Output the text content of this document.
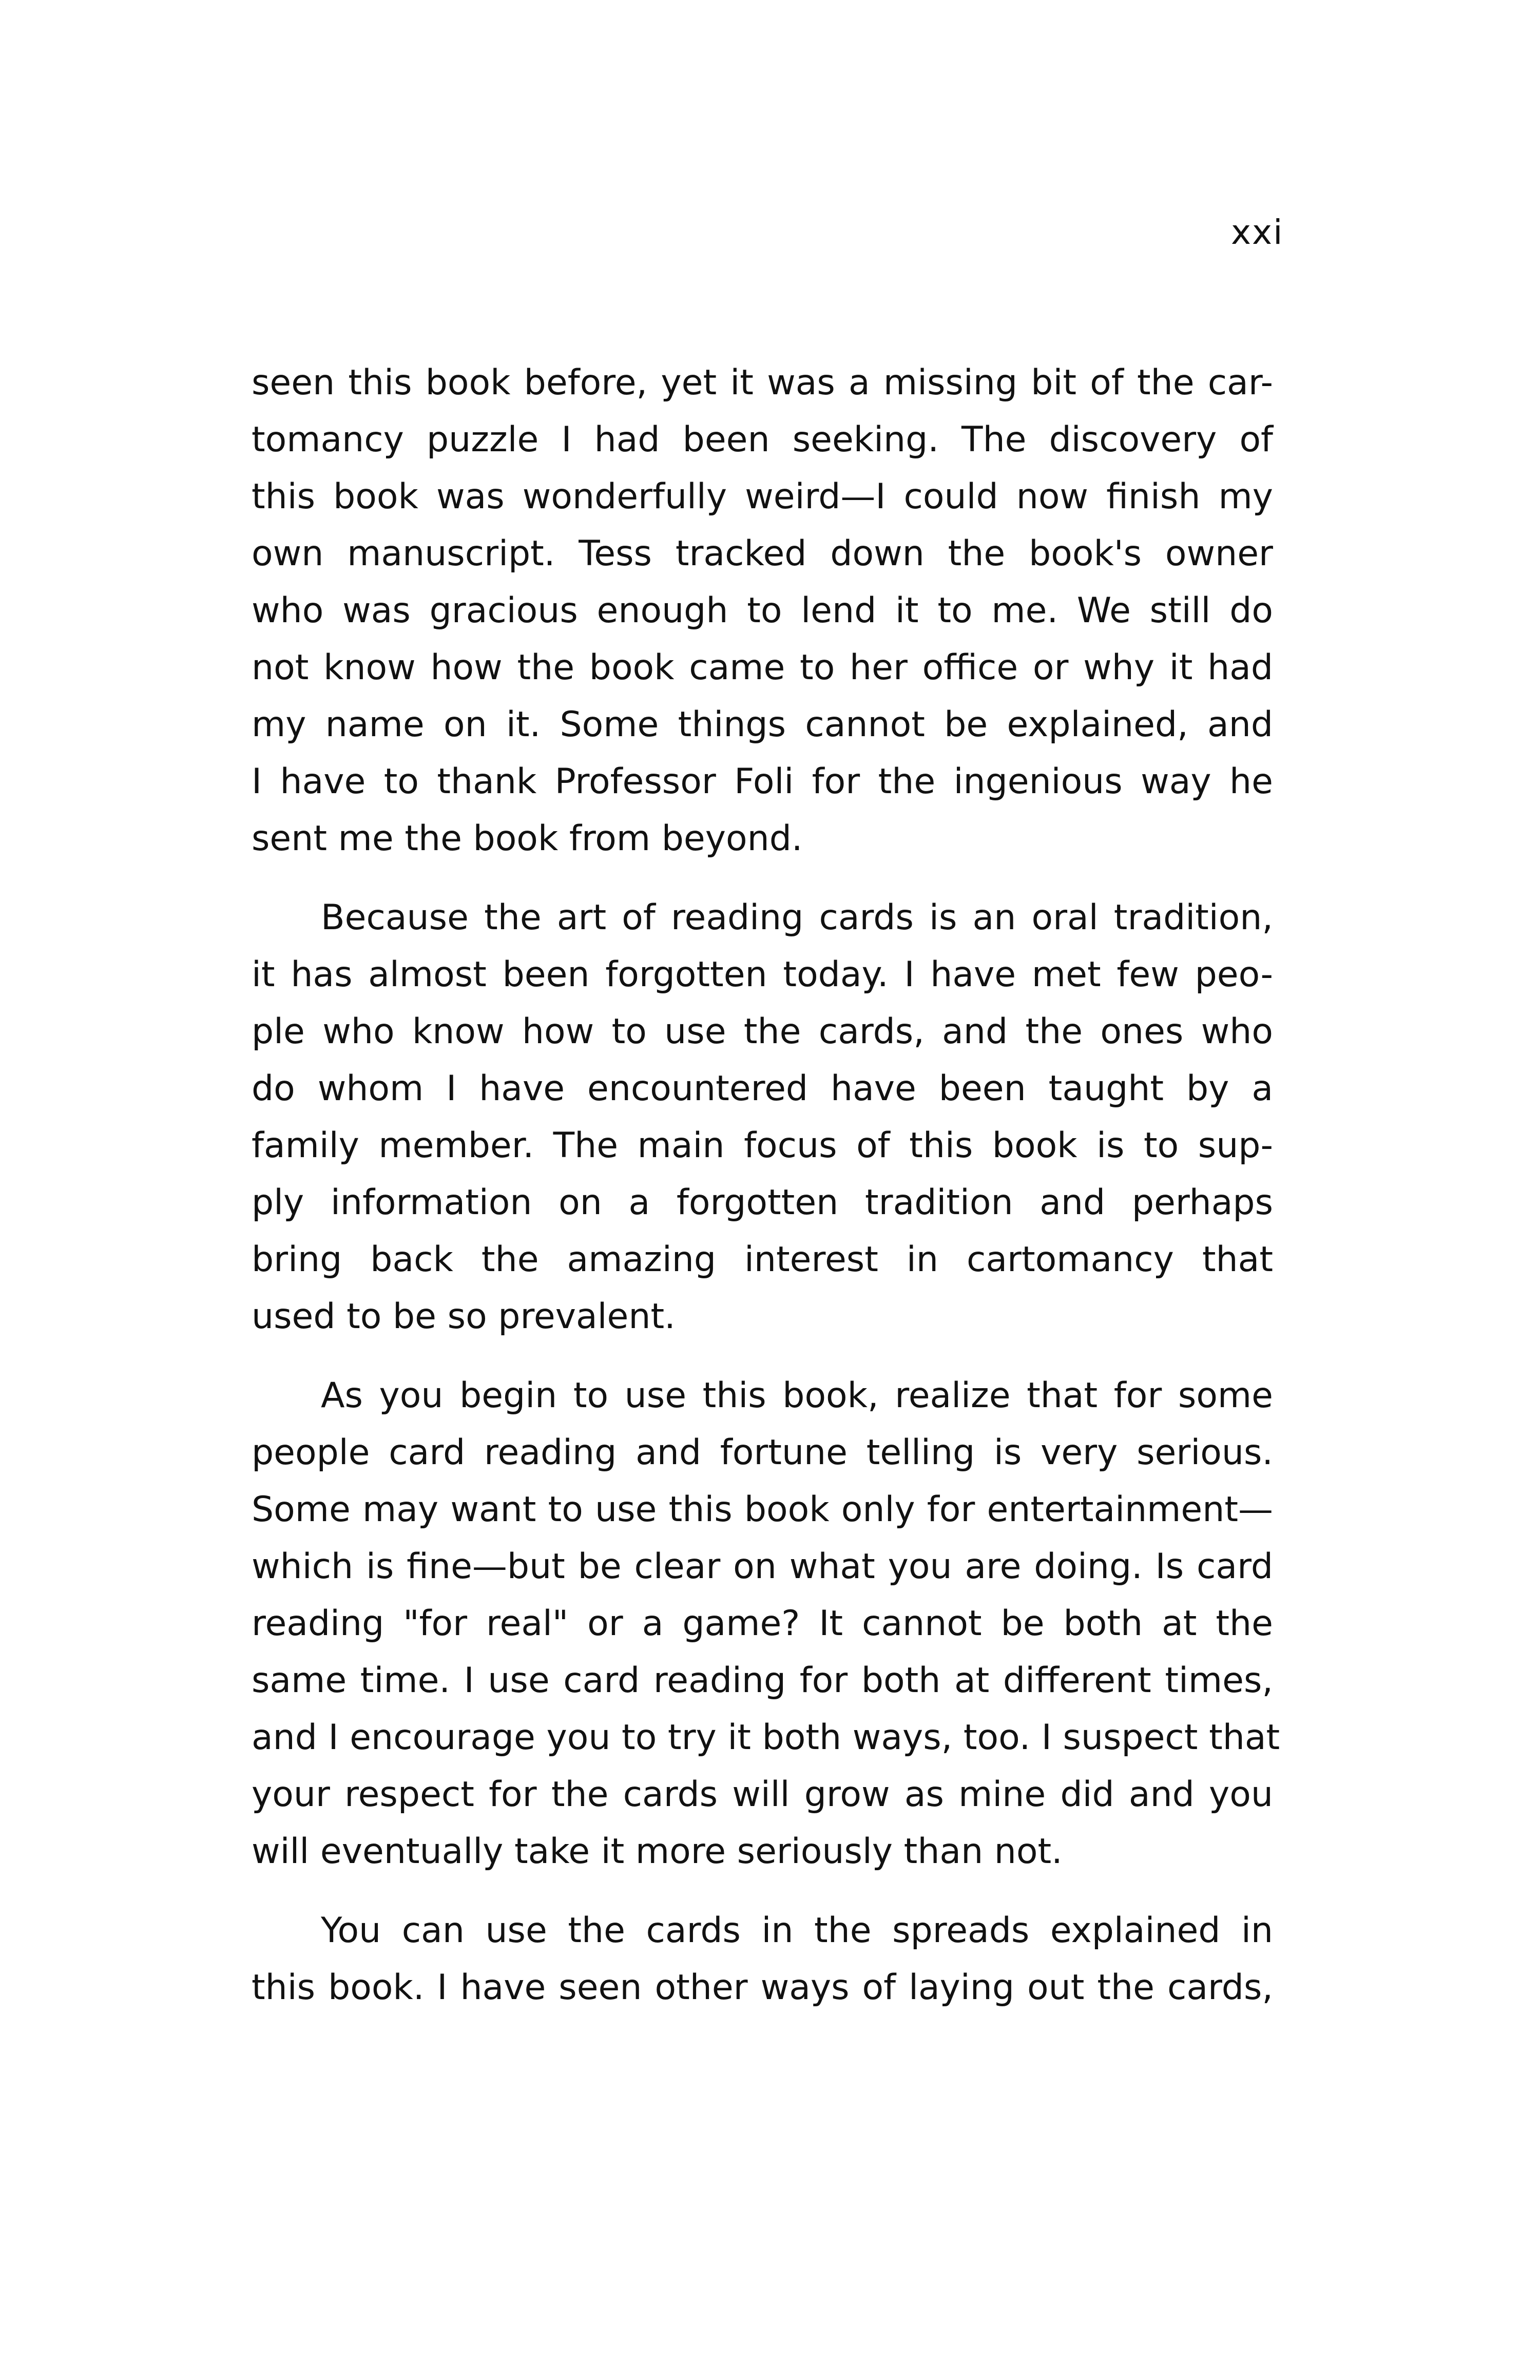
xxi
seen this book before, yet it was a missing bit of the car-
tomancy puzzle I had been seeking. The discovery of
this book was wonderfully weird—I could now finish my
own manuscript. Tess tracked down the book's owner
who was gracious enough to lend it to me. We still do
not know how the book came to her office or why it had
my name on it. Some things cannot be explained, and
I have to thank Professor Foli for the ingenious way he
sent me the book from beyond.
Because the art of reading cards is an oral tradition,
it has almost been forgotten today. I have met few peo-
ple who know how to use the cards, and the ones who
do whom I have encountered have been taught by a
family member. The main focus of this book is to sup-
ply information on a forgotten tradition and perhaps
bring back the amazing interest in cartomancy that
used to be so prevalent.
As you begin to use this book, realize that for some
people card reading and fortune telling is very serious.
Some may want to use this book only for entertainment—
which is fine—but be clear on what you are doing. Is card
reading "for real" or a game? It cannot be both at the
same time. I use card reading for both at different times,
and I encourage you to try it both ways, too. I suspect that
your respect for the cards will grow as mine did and you
will eventually take it more seriously than not.
You can use the cards in the spreads explained in
this book. I have seen other ways of laying out the cards,
